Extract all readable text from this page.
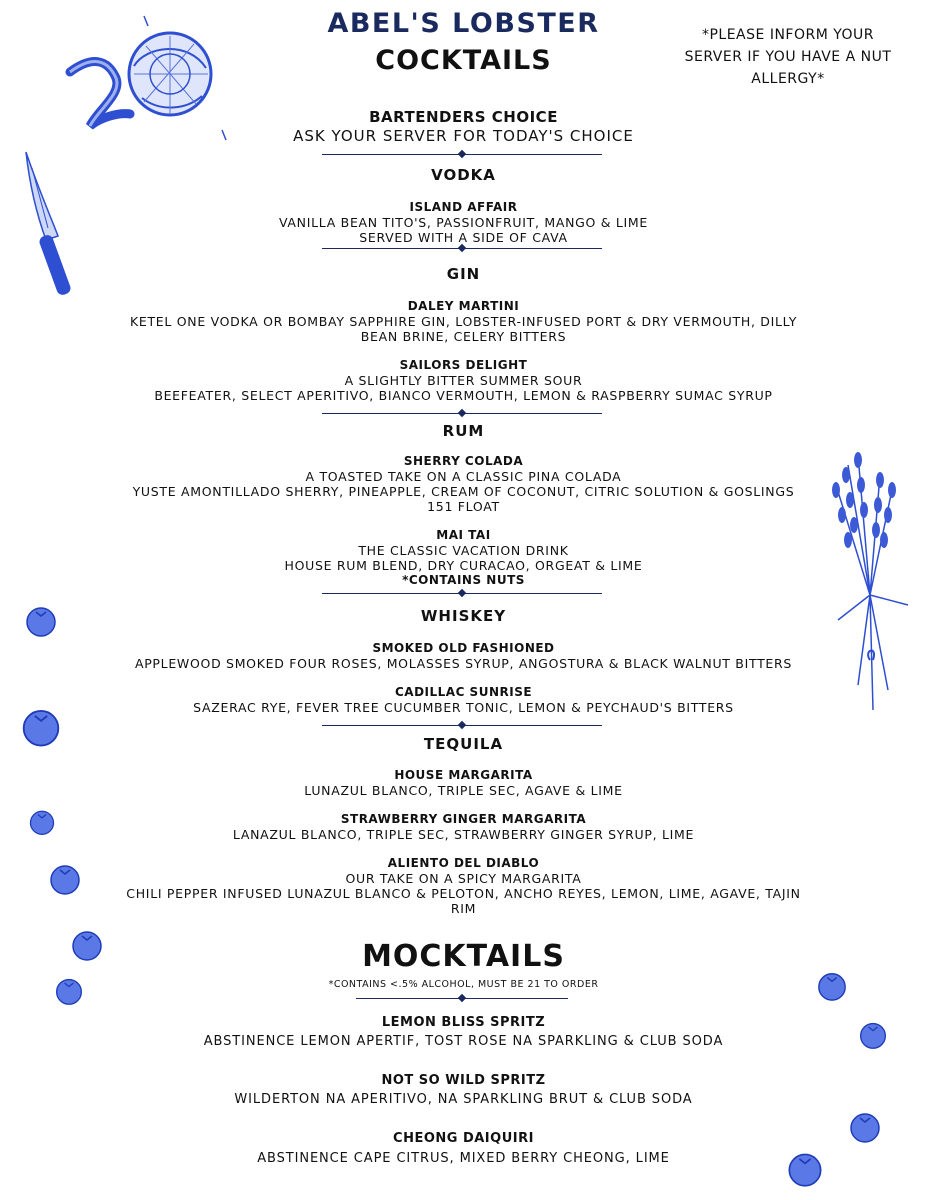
ABEL'S LOBSTER
COCKTAILS
*PLEASE INFORM YOUR
SERVER IF YOU HAVE A NUT
ALLERGY*
BARTENDERS CHOICE
ASK YOUR SERVER FOR TODAY'S CHOICE
VODKA
ISLAND AFFAIR
VANILLA BEAN TITO'S, PASSIONFRUIT, MANGO & LIME
SERVED WITH A SIDE OF CAVA
GIN
DALEY MARTINI
KETEL ONE VODKA OR BOMBAY SAPPHIRE GIN, LOBSTER-INFUSED PORT & DRY VERMOUTH, DILLY
BEAN BRINE, CELERY BITTERS
SAILORS DELIGHT
A SLIGHTLY BITTER SUMMER SOUR
BEEFEATER, SELECT APERITIVO, BIANCO VERMOUTH, LEMON & RASPBERRY SUMAC SYRUP
RUM
SHERRY COLADA
A TOASTED TAKE ON A CLASSIC PINA COLADA
YUSTE AMONTILLADO SHERRY, PINEAPPLE, CREAM OF COCONUT, CITRIC SOLUTION & GOSLINGS
151 FLOAT
MAI TAI
THE CLASSIC VACATION DRINK
HOUSE RUM BLEND, DRY CURACAO, ORGEAT & LIME
*CONTAINS NUTS
WHISKEY
SMOKED OLD FASHIONED
APPLEWOOD SMOKED FOUR ROSES, MOLASSES SYRUP, ANGOSTURA & BLACK WALNUT BITTERS
CADILLAC SUNRISE
SAZERAC RYE, FEVER TREE CUCUMBER TONIC, LEMON & PEYCHAUD'S BITTERS
TEQUILA
HOUSE MARGARITA
LUNAZUL BLANCO, TRIPLE SEC, AGAVE & LIME
STRAWBERRY GINGER MARGARITA
LANAZUL BLANCO, TRIPLE SEC, STRAWBERRY GINGER SYRUP, LIME
ALIENTO DEL DIABLO
OUR TAKE ON A SPICY MARGARITA
CHILI PEPPER INFUSED LUNAZUL BLANCO & PELOTON, ANCHO REYES, LEMON, LIME, AGAVE, TAJIN
RIM
MOCKTAILS
*CONTAINS <.5% ALCOHOL, MUST BE 21 TO ORDER
LEMON BLISS SPRITZ
ABSTINENCE LEMON APERTIF, TOST ROSE NA SPARKLING & CLUB SODA
NOT SO WILD SPRITZ
WILDERTON NA APERITIVO, NA SPARKLING BRUT & CLUB SODA
CHEONG DAIQUIRI
ABSTINENCE CAPE CITRUS, MIXED BERRY CHEONG, LIME
